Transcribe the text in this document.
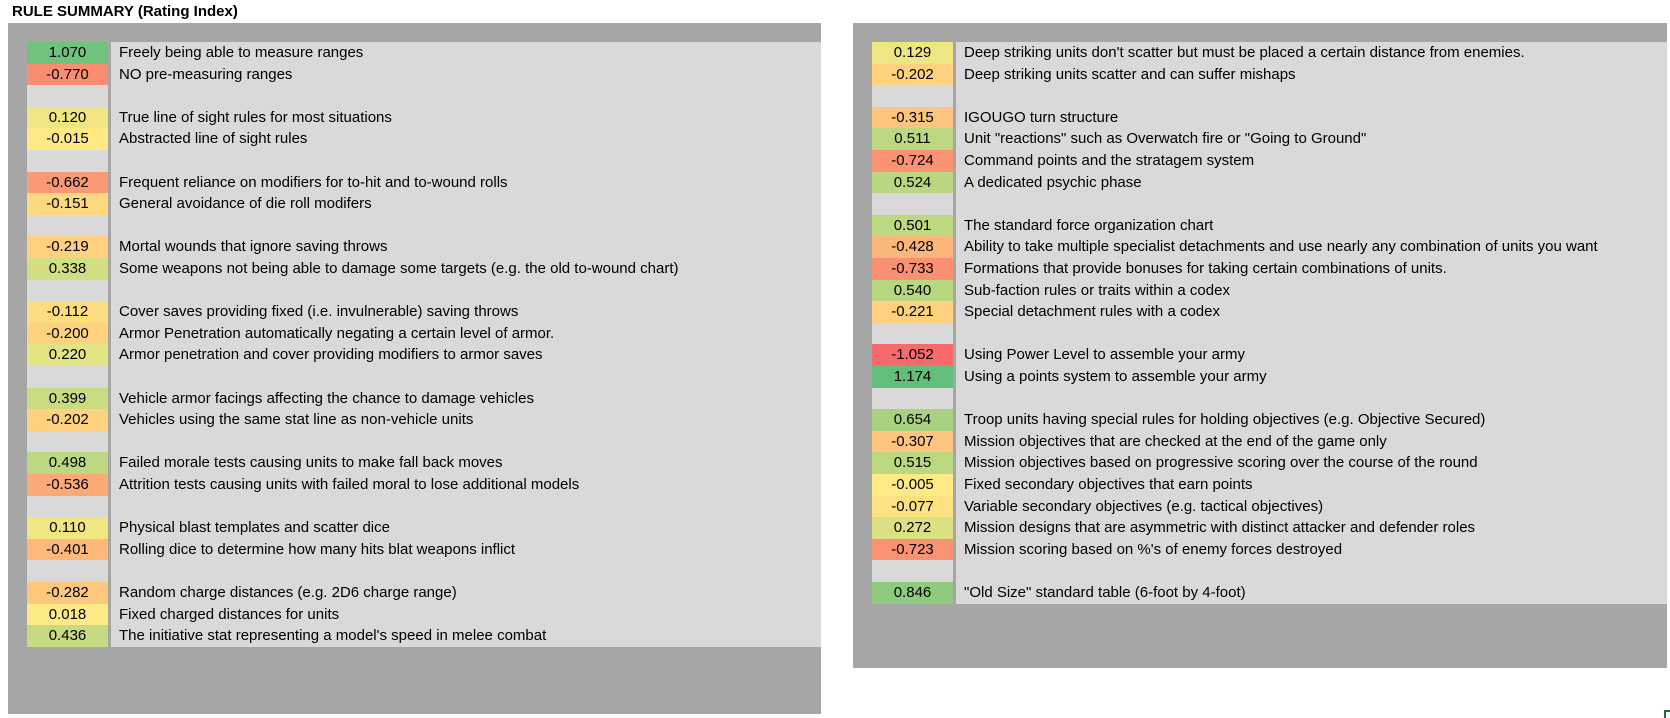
RULE SUMMARY (Rating Index)
1.070	Freely being able to measure ranges
-0.770	NO pre-measuring ranges
0.120	True line of sight rules for most situations
-0.015	Abstracted line of sight rules
-0.662	Frequent reliance on modifiers for to-hit and to-wound rolls
-0.151	General avoidance of die roll modifers
-0.219	Mortal wounds that ignore saving throws
0.338	Some weapons not being able to damage some targets (e.g. the old to-wound chart)
-0.112	Cover saves providing fixed (i.e. invulnerable) saving throws
-0.200	Armor Penetration automatically negating a certain level of armor.
0.220	Armor penetration and cover providing modifiers to armor saves
0.399	Vehicle armor facings affecting the chance to damage vehicles
-0.202	Vehicles using the same stat line as non-vehicle units
0.498	Failed morale tests causing units to make fall back moves
-0.536	Attrition tests causing units with failed moral to lose additional models
0.110	Physical blast templates and scatter dice
-0.401	Rolling dice to determine how many hits blat weapons inflict
-0.282	Random charge distances (e.g. 2D6 charge range)
0.018	Fixed charged distances for units
0.436	The initiative stat representing a model's speed in melee combat
0.129	Deep striking units don't scatter but must be placed a certain distance from enemies.
-0.202	Deep striking units scatter and can suffer mishaps
-0.315	IGOUGO turn structure
0.511	Unit "reactions" such as Overwatch fire or "Going to Ground"
-0.724	Command points and the stratagem system
0.524	A dedicated psychic phase
0.501	The standard force organization chart
-0.428	Ability to take multiple specialist detachments and use nearly any combination of units you want
-0.733	Formations that provide bonuses for taking certain combinations of units.
0.540	Sub-faction rules or traits within a codex
-0.221	Special detachment rules with a codex
-1.052	Using Power Level to assemble your army
1.174	Using a points system to assemble your army
0.654	Troop units having special rules for holding objectives (e.g. Objective Secured)
-0.307	Mission objectives that are checked at the end of the game only
0.515	Mission objectives based on progressive scoring over the course of the round
-0.005	Fixed secondary objectives that earn points
-0.077	Variable secondary objectives (e.g. tactical objectives)
0.272	Mission designs that are asymmetric with distinct attacker and defender roles
-0.723	Mission scoring based on %'s of enemy forces destroyed
0.846	"Old Size" standard table (6-foot by 4-foot)
